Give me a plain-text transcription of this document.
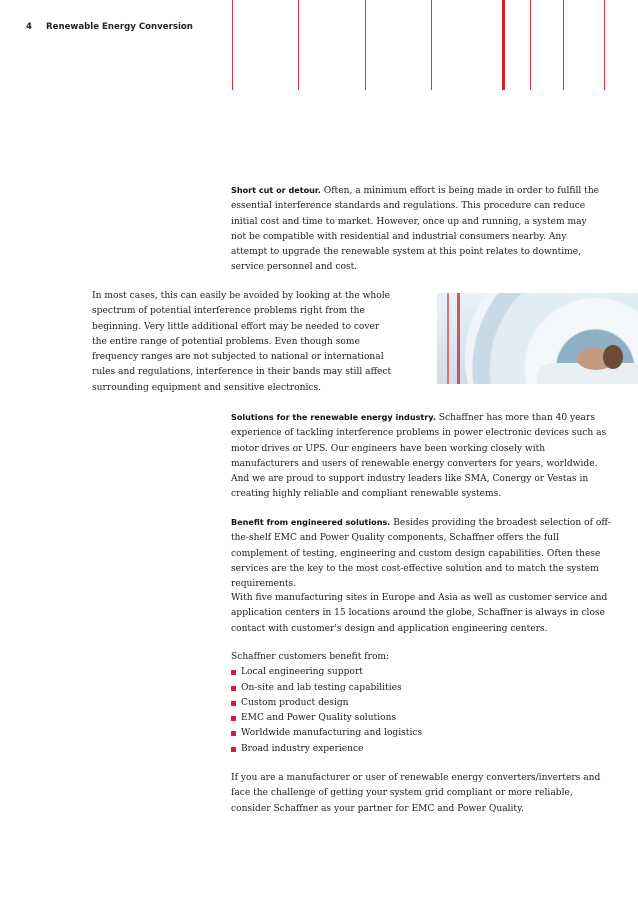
4 Renewable Energy Conversion
Short cut or detour. Often, a minimum effort is being made in order to fulfill the essential interference standards and regulations. This procedure can reduce initial cost and time to market. However, once up and running, a system may not be compatible with residential and industrial consumers nearby. Any attempt to upgrade the renewable system at this point relates to downtime, service personnel and cost.
In most cases, this can easily be avoided by looking at the whole spectrum of potential interference problems right from the beginning. Very little additional effort may be needed to cover the entire range of potential problems. Even though some frequency ranges are not subjected to national or international rules and regulations, interference in their bands may still affect surrounding equipment and sensitive electronics.
Solutions for the renewable energy industry. Schaffner has more than 40 years experience of tackling interference problems in power electronic devices such as motor drives or UPS. Our engineers have been working closely with manufacturers and users of renewable energy converters for years, worldwide. And we are proud to support industry leaders like SMA, Conergy or Vestas in creating highly reliable and compliant renewable systems.
Benefit from engineered solutions. Besides providing the broadest selection of off-the-shelf EMC and Power Quality components, Schaffner offers the full complement of testing, engineering and custom design capabilities. Often these services are the key to the most cost-effective solution and to match the system requirements.
With five manufacturing sites in Europe and Asia as well as customer service and application centers in 15 locations around the globe, Schaffner is always in close contact with customer's design and application engineering centers.
Schaffner customers benefit from:
Local engineering support
On-site and lab testing capabilities
Custom product design
EMC and Power Quality solutions
Worldwide manufacturing and logistics
Broad industry experience
If you are a manufacturer or user of renewable energy converters/inverters and face the challenge of getting your system grid compliant or more reliable, consider Schaffner as your partner for EMC and Power Quality.
